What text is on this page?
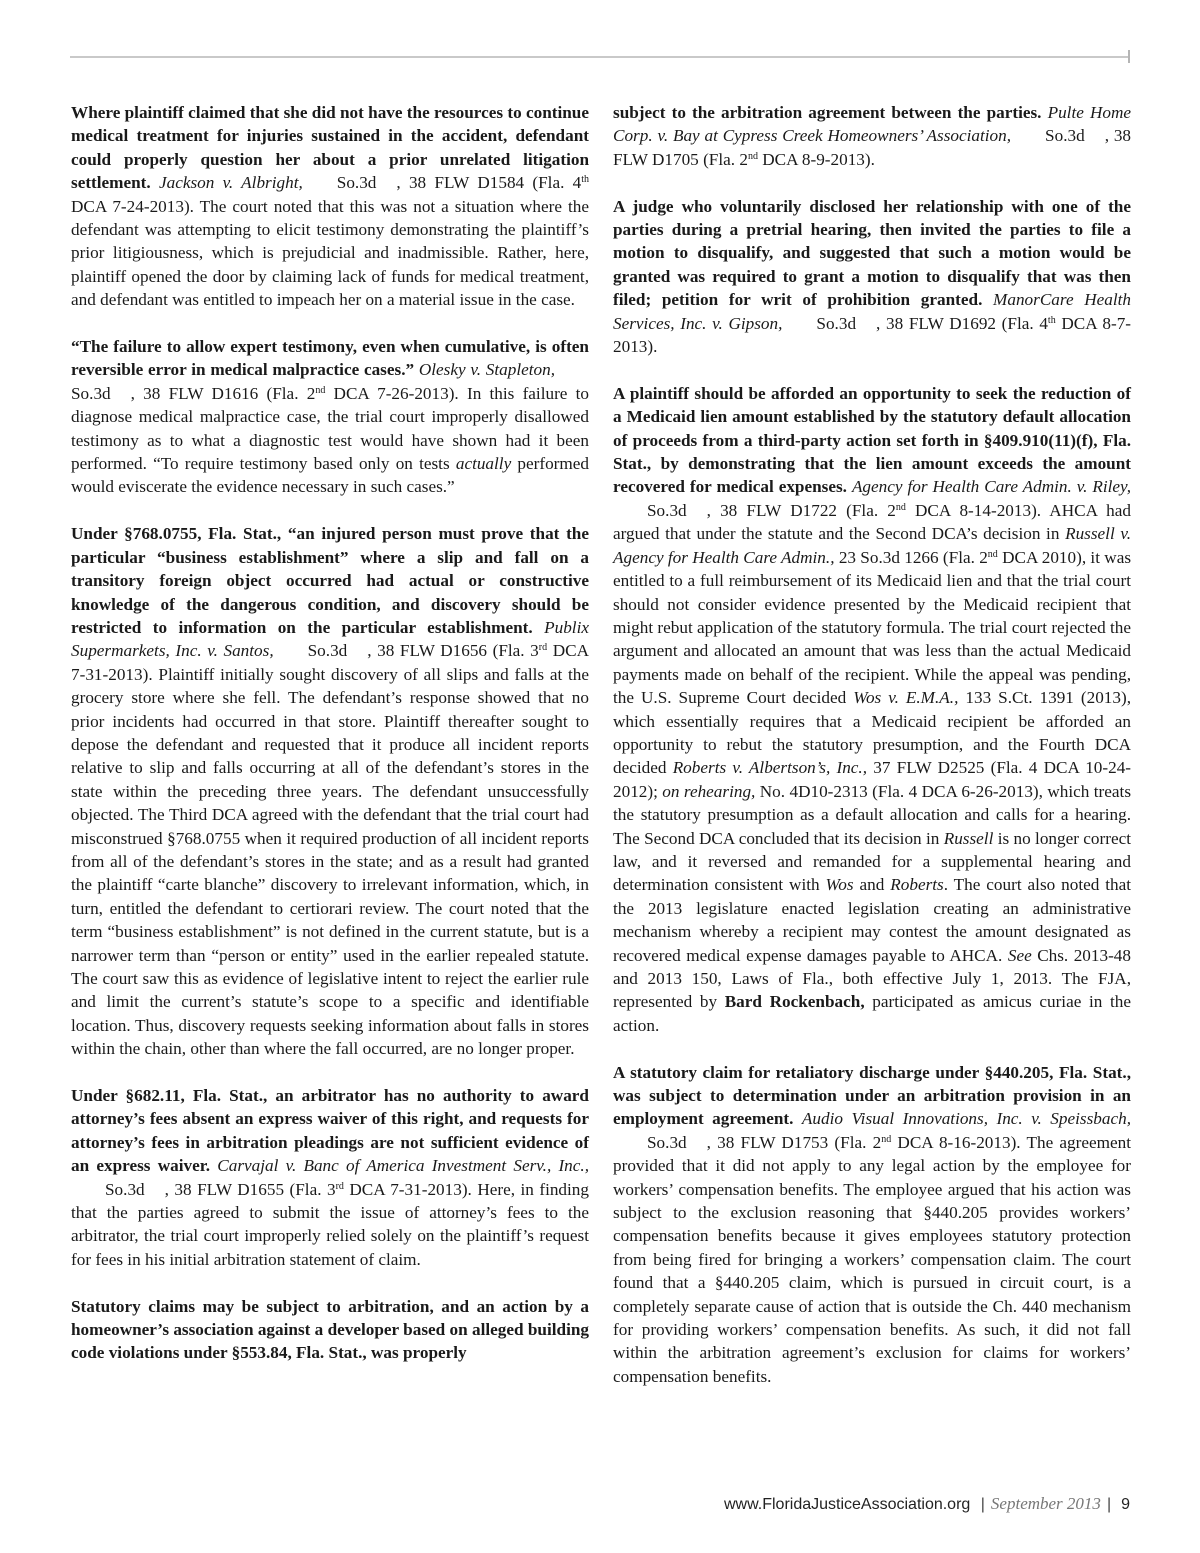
Where plaintiff claimed that she did not have the resources to continue medical treatment for injuries sustained in the accident, defendant could properly question her about a prior unrelated litigation settlement. Jackson v. Albright, So.3d , 38 FLW D1584 (Fla. 4th DCA 7-24-2013). The court noted that this was not a situation where the defendant was attempting to elicit testimony demonstrating the plaintiff’s prior litigiousness, which is prejudicial and inadmissible. Rather, here, plaintiff opened the door by claiming lack of funds for medical treatment, and defendant was entitled to impeach her on a material issue in the case.

“The failure to allow expert testimony, even when cumulative, is often reversible error in medical malpractice cases.” Olesky v. Stapleton,So.3d , 38 FLW D1616 (Fla. 2nd DCA 7-26-2013). In this failure to diagnose medical malpractice case, the trial court improperly disallowed testimony as to what a diagnostic test would have shown had it been performed. “To require testimony based only on tests actually performed would eviscerate the evidence necessary in such cases.”

Under §768.0755, Fla. Stat., “an injured person must prove that the particular “business establishment” where a slip and fall on a transitory foreign object occurred had actual or constructive knowledge of the dangerous condition, and discovery should be restricted to information on the particular establishment. Publix Supermarkets, Inc. v. Santos, So.3d , 38 FLW D1656 (Fla. 3rd DCA 7-31-2013). Plaintiff initially sought discovery of all slips and falls at the grocery store where she fell. The defendant’s response showed that no prior incidents had occurred in that store. Plaintiff thereafter sought to depose the defendant and requested that it produce all incident reports relative to slip and falls occurring at all of the defendant’s stores in the state within the preceding three years. The defendant unsuccessfully objected. The Third DCA agreed with the defendant that the trial court had misconstrued §768.0755 when it required production of all incident reports from all of the defendant’s stores in the state; and as a result had granted the plaintiff “carte blanche” discovery to irrelevant information, which, in turn, entitled the defendant to certiorari review. The court noted that the term “business establishment” is not defined in the current statute, but is a narrower term than “person or entity” used in the earlier repealed statute. The court saw this as evidence of legislative intent to reject the earlier rule and limit the current’s statute’s scope to a specific and identifiable location. Thus, discovery requests seeking information about falls in stores within the chain, other than where the fall occurred, are no longer proper.

Under §682.11, Fla. Stat., an arbitrator has no authority to award attorney’s fees absent an express waiver of this right, and requests for attorney’s fees in arbitration pleadings are not sufficient evidence of an express waiver. Carvajal v. Banc of America Investment Serv., Inc.,So.3d , 38 FLW D1655 (Fla. 3rd DCA 7-31-2013). Here, in finding that the parties agreed to submit the issue of attorney’s fees to the arbitrator, the trial court improperly relied solely on the plaintiff’s request for fees in his initial arbitration statement of claim.

Statutory claims may be subject to arbitration, and an action by a homeowner’s association against a developer based on alleged building code violations under §553.84, Fla. Stat., was properly

subject to the arbitration agreement between the parties. Pulte Home Corp. v. Bay at Cypress Creek Homeowners’ Association, So.3d , 38 FLW D1705 (Fla. 2nd DCA 8-9-2013).

A judge who voluntarily disclosed her relationship with one of the parties during a pretrial hearing, then invited the parties to file a motion to disqualify, and suggested that such a motion would be granted was required to grant a motion to disqualify that was then filed; petition for writ of prohibition granted. ManorCare Health Services, Inc. v. Gipson, So.3d , 38 FLW D1692 (Fla. 4th DCA 8-7-2013).

A plaintiff should be afforded an opportunity to seek the reduction of a Medicaid lien amount established by the statutory default allocation of proceeds from a third-party action set forth in §409.910(11)(f), Fla. Stat., by demonstrating that the lien amount exceeds the amount recovered for medical expenses. Agency for Health Care Admin. v. Riley,So.3d , 38 FLW D1722 (Fla. 2nd DCA 8-14-2013). AHCA had argued that under the statute and the Second DCA’s decision in Russell v. Agency for Health Care Admin., 23 So.3d 1266 (Fla. 2nd DCA 2010), it was entitled to a full reimbursement of its Medicaid lien and that the trial court should not consider evidence presented by the Medicaid recipient that might rebut application of the statutory formula. The trial court rejected the argument and allocated an amount that was less than the actual Medicaid payments made on behalf of the recipient. While the appeal was pending, the U.S. Supreme Court decided Wos v. E.M.A., 133 S.Ct. 1391 (2013), which essentially requires that a Medicaid recipient be afforded an opportunity to rebut the statutory presumption, and the Fourth DCA decided Roberts v. Albertson’s, Inc., 37 FLW D2525 (Fla. 4 DCA 10-24-2012); on rehearing, No. 4D10-2313 (Fla. 4 DCA 6-26-2013), which treats the statutory presumption as a default allocation and calls for a hearing. The Second DCA concluded that its decision in Russell is no longer correct law, and it reversed and remanded for a supplemental hearing and determination consistent with Wos and Roberts. The court also noted that the 2013 legislature enacted legislation creating an administrative mechanism whereby a recipient may contest the amount designated as recovered medical expense damages payable to AHCA. See Chs. 2013-48 and 2013 150, Laws of Fla., both effective July 1, 2013. The FJA, represented by Bard Rockenbach, participated as amicus curiae in the action.

A statutory claim for retaliatory discharge under §440.205, Fla. Stat., was subject to determination under an arbitration provision in an employment agreement. Audio Visual Innovations, Inc. v. Speissbach,So.3d , 38 FLW D1753 (Fla. 2nd DCA 8-16-2013). The agreement provided that it did not apply to any legal action by the employee for workers’ compensation benefits. The employee argued that his action was subject to the exclusion reasoning that §440.205 provides workers’ compensation benefits because it gives employees statutory protection from being fired for bringing a workers’ compensation claim. The court found that a §440.205 claim, which is pursued in circuit court, is a completely separate cause of action that is outside the Ch. 440 mechanism for providing workers’ compensation benefits. As such, it did not fall within the arbitration agreement’s exclusion for claims for workers’ compensation benefits.

www.FloridaJusticeAssociation.org | September 2013 | 9
